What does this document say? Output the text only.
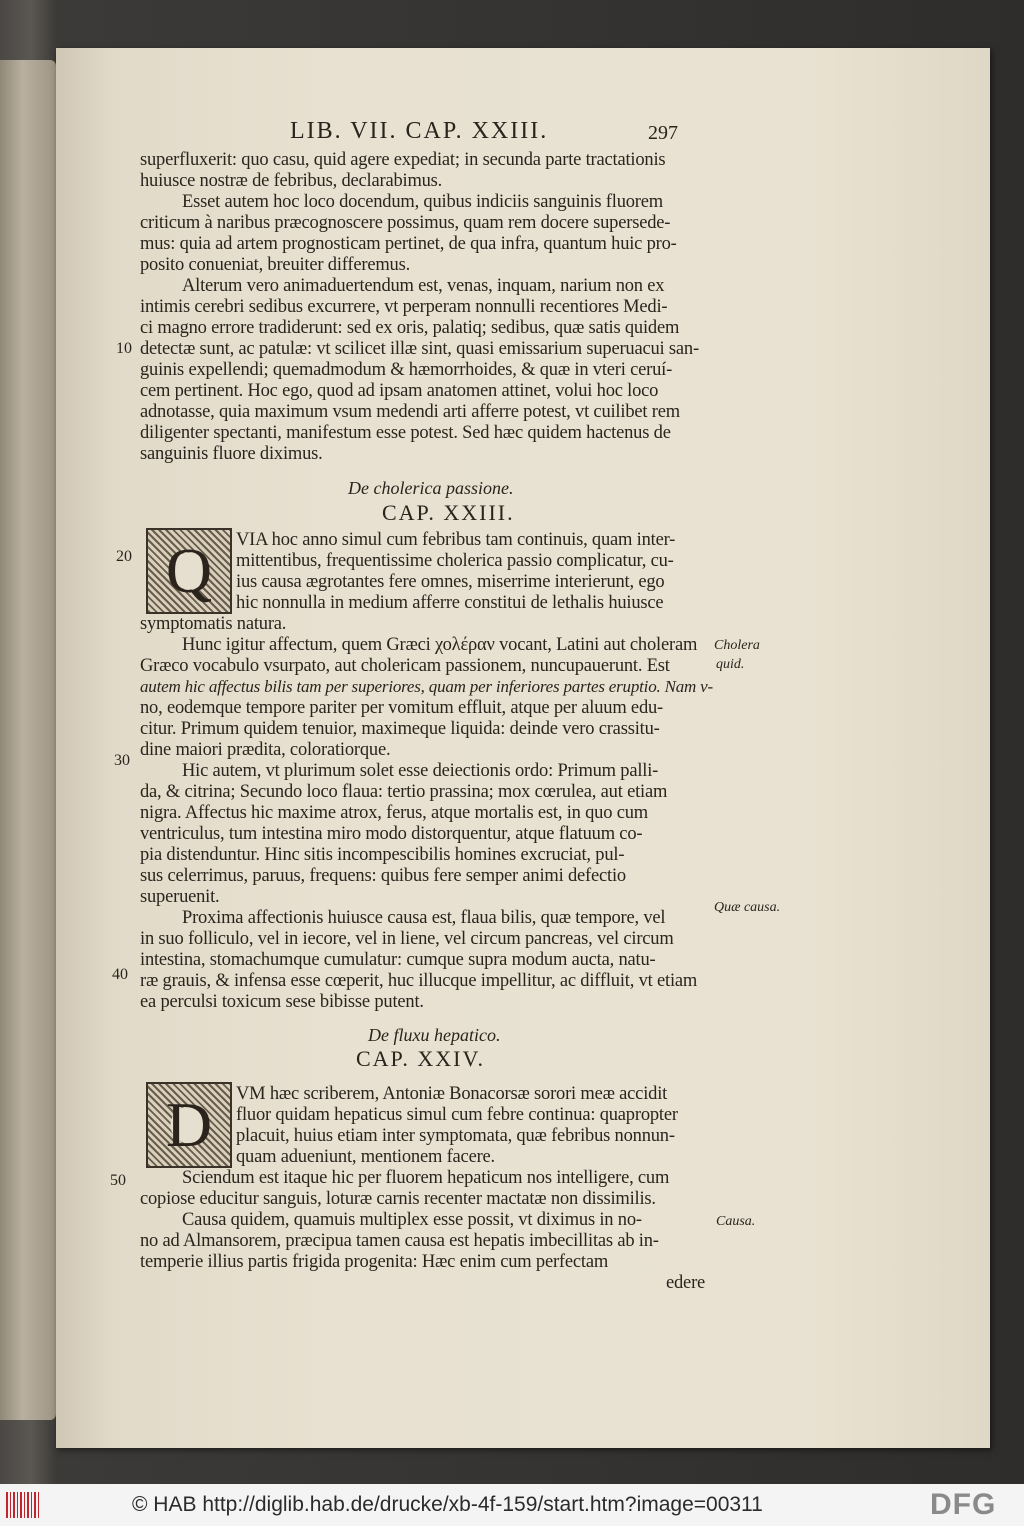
LIB. VII. CAP. XXIII.	297
superfluxerit: quo casu, quid agere expediat; in secunda parte tractationis
huiusce nostræ de febribus, declarabimus.
Esset autem hoc loco docendum, quibus indiciis sanguinis fluorem
criticum à naribus præcognoscere possimus, quam rem docere supersede-
mus: quia ad artem prognosticam pertinet, de qua infra, quantum huic pro-
posito conueniat, breuiter differemus.
Alterum vero animaduertendum est, venas, inquam, narium non ex
intimis cerebri sedibus excurrere, vt perperam nonnulli recentiores Medi-
ci magno errore tradiderunt: sed ex oris, palatiq; sedibus, quæ satis quidem
detectæ sunt, ac patulæ: vt scilicet illæ sint, quasi emissarium superuacui san-
guinis expellendi; quemadmodum & hæmorrhoides, & quæ in vteri ceruí-
cem pertinent. Hoc ego, quod ad ipsam anatomen attinet, volui hoc loco
adnotasse, quia maximum vsum medendi arti afferre potest, vt cuilibet rem
diligenter spectanti, manifestum esse potest. Sed hæc quidem hactenus de
sanguinis fluore diximus.
De cholerica passione.
CAP. XXIII.
Q	VIA hoc anno simul cum febribus tam continuis, quam inter-
mittentibus, frequentissime cholerica passio complicatur, cu-
ius causa ægrotantes fere omnes, miserrime interierunt, ego
hic nonnulla in medium afferre constitui de lethalis huiusce
symptomatis natura.
Hunc igitur affectum, quem Græci χολέραν vocant, Latini aut choleram
Græco vocabulo vsurpato, aut cholericam passionem, nuncupauerunt. Est
autem hic affectus bilis tam per superiores, quam per inferiores partes eruptio. Nam v-
no, eodemque tempore pariter per vomitum effluit, atque per aluum edu-
citur. Primum quidem tenuior, maximeque liquida: deinde vero crassitu-
dine maiori prædita, coloratiorque.
Hic autem, vt plurimum solet esse deiectionis ordo: Primum palli-
da, & citrina; Secundo loco flaua: tertio prassina; mox cœrulea, aut etiam
nigra. Affectus hic maxime atrox, ferus, atque mortalis est, in quo cum
ventriculus, tum intestina miro modo distorquentur, atque flatuum co-
pia distenduntur. Hinc sitis incompescibilis homines excruciat, pul-
sus celerrimus, paruus, frequens: quibus fere semper animi defectio
superuenit.
Proxima affectionis huiusce causa est, flaua bilis, quæ tempore, vel
in suo folliculo, vel in iecore, vel in liene, vel circum pancreas, vel circum
intestina, stomachumque cumulatur: cumque supra modum aucta, natu-
ræ grauis, & infensa esse cœperit, huc illucque impellitur, ac diffluit, vt etiam
ea perculsi toxicum sese bibisse putent.
De fluxu hepatico.
CAP. XXIV.
D	VM hæc scriberem, Antoniæ Bonacorsæ sorori meæ accidit
fluor quidam hepaticus simul cum febre continua: quapropter
placuit, huius etiam inter symptomata, quæ febribus nonnun-
quam adueniunt, mentionem facere.
Sciendum est itaque hic per fluorem hepaticum nos intelligere, cum
copiose educitur sanguis, loturæ carnis recenter mactatæ non dissimilis.
Causa quidem, quamuis multiplex esse possit, vt diximus in no-
no ad Almansorem, præcipua tamen causa est hepatis imbecillitas ab in-
temperie illius partis frigida progenita: Hæc enim cum perfectam
edere
10
20
30
40
50
Cholera
quid.
Quæ causa.
Causa.
© HAB http://diglib.hab.de/drucke/xb-4f-159/start.htm?image=00311	DFG
